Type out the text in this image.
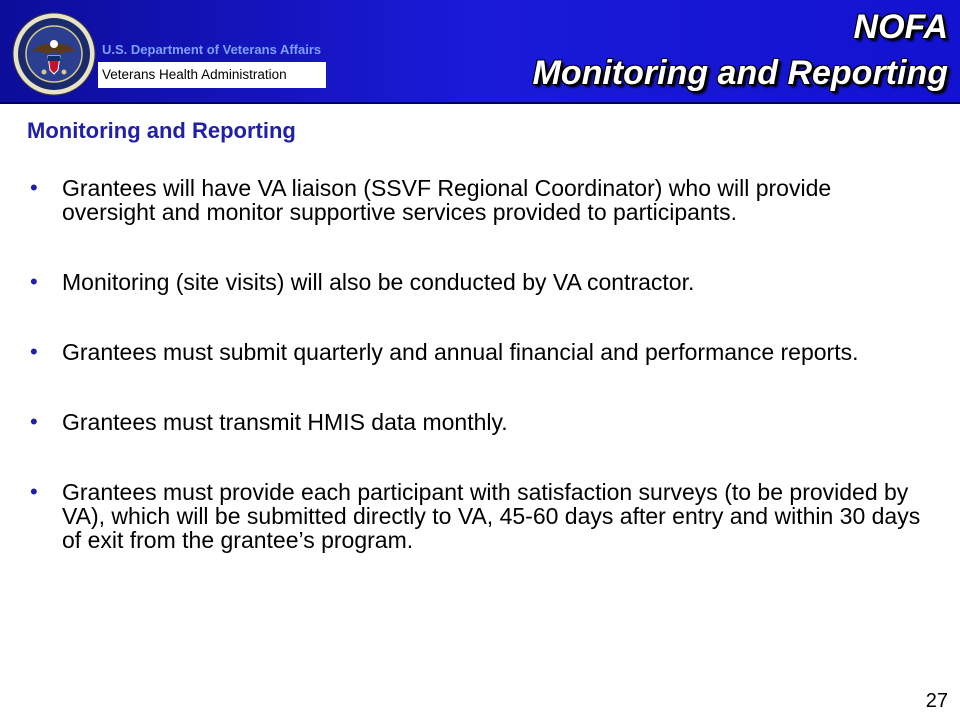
U.S. Department of Veterans Affairs
Veterans Health Administration
NOFA
Monitoring and Reporting
Monitoring and Reporting
• Grantees will have VA liaison (SSVF Regional Coordinator) who will provide oversight and monitor supportive services provided to participants.
• Monitoring (site visits) will also be conducted by VA contractor.
• Grantees must submit quarterly and annual financial and performance reports.
• Grantees must transmit HMIS data monthly.
• Grantees must provide each participant with satisfaction surveys (to be provided by VA), which will be submitted directly to VA, 45-60 days after entry and within 30 days of exit from the grantee’s program.
27
